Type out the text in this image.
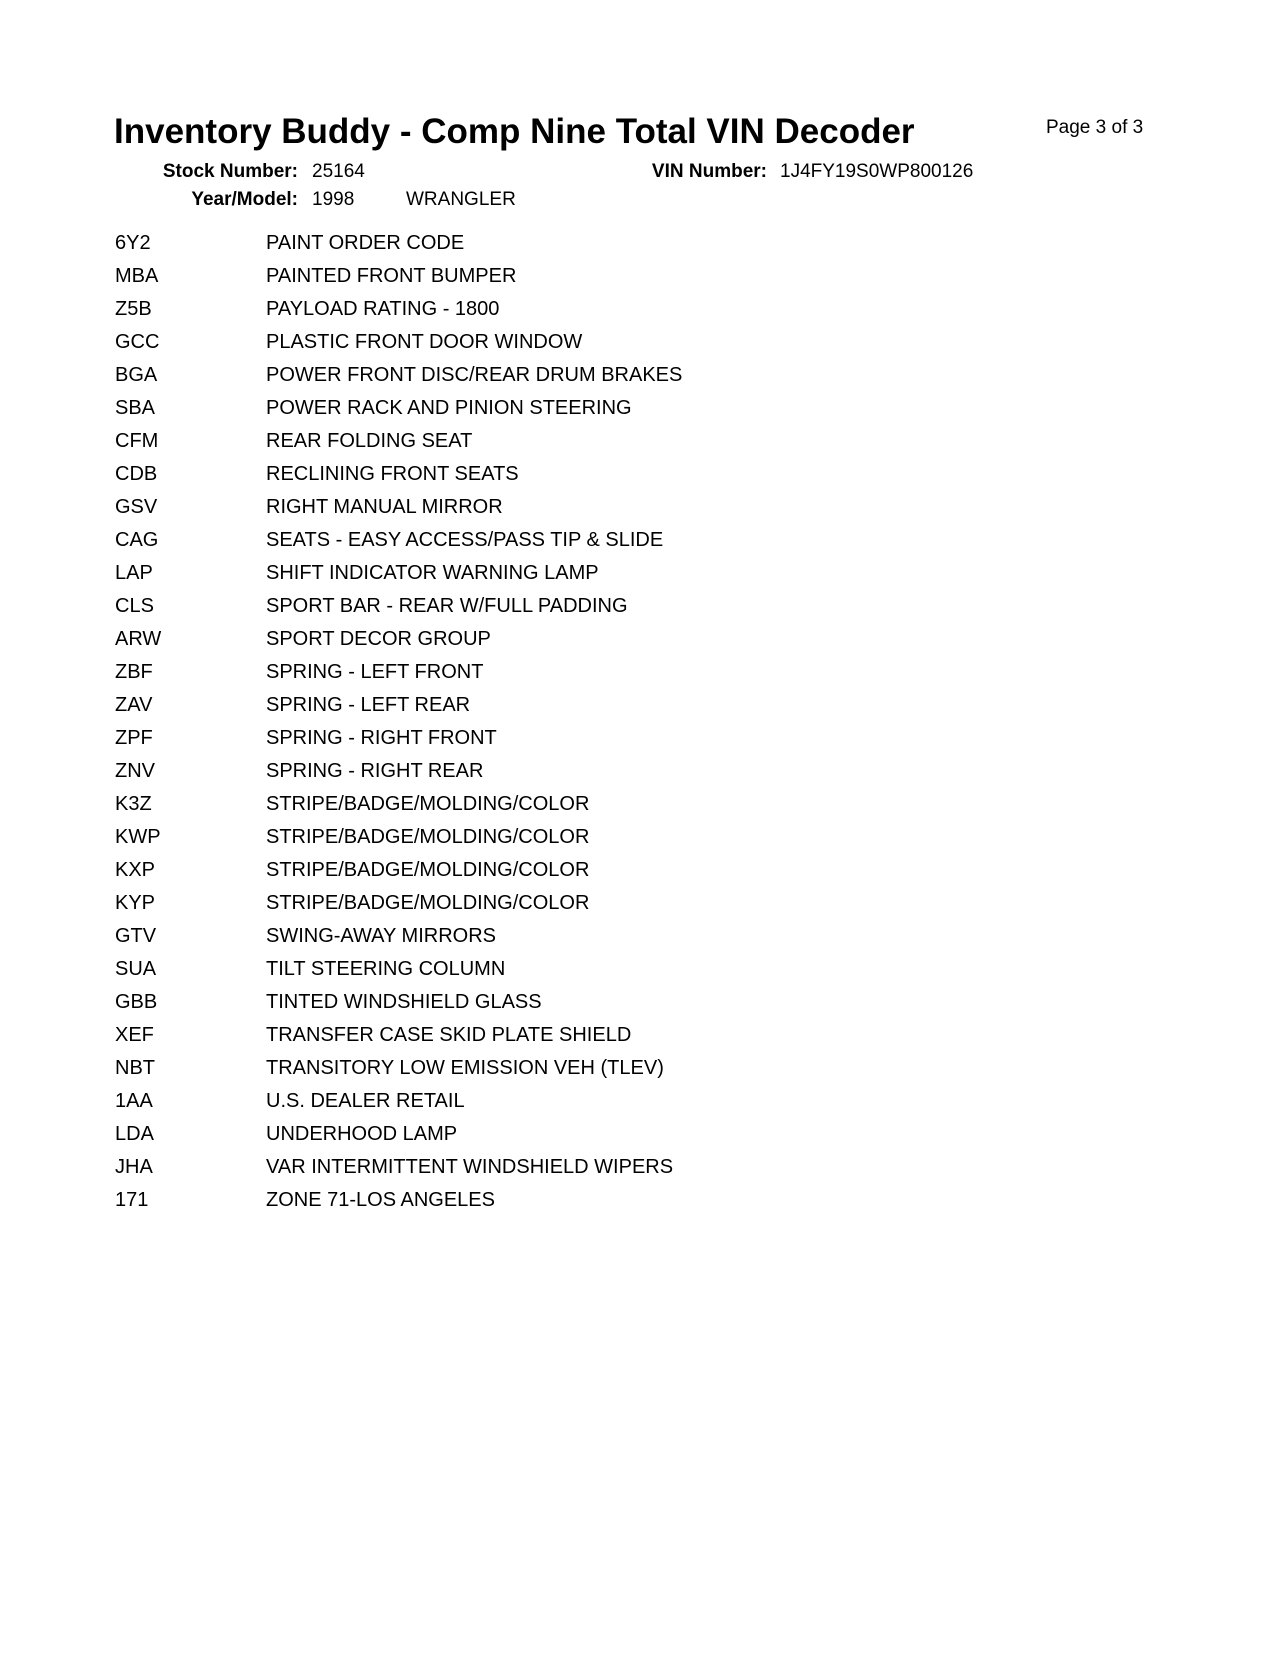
Inventory Buddy - Comp Nine Total VIN Decoder	Page 3 of 3
Stock Number: 25164	VIN Number: 1J4FY19S0WP800126
Year/Model: 1998	WRANGLER
6Y2	PAINT ORDER CODE
MBA	PAINTED FRONT BUMPER
Z5B	PAYLOAD RATING - 1800
GCC	PLASTIC FRONT DOOR WINDOW
BGA	POWER FRONT DISC/REAR DRUM BRAKES
SBA	POWER RACK AND PINION STEERING
CFM	REAR FOLDING SEAT
CDB	RECLINING FRONT SEATS
GSV	RIGHT MANUAL MIRROR
CAG	SEATS - EASY ACCESS/PASS TIP & SLIDE
LAP	SHIFT INDICATOR WARNING LAMP
CLS	SPORT BAR - REAR W/FULL PADDING
ARW	SPORT DECOR GROUP
ZBF	SPRING - LEFT FRONT
ZAV	SPRING - LEFT REAR
ZPF	SPRING - RIGHT FRONT
ZNV	SPRING - RIGHT REAR
K3Z	STRIPE/BADGE/MOLDING/COLOR
KWP	STRIPE/BADGE/MOLDING/COLOR
KXP	STRIPE/BADGE/MOLDING/COLOR
KYP	STRIPE/BADGE/MOLDING/COLOR
GTV	SWING-AWAY MIRRORS
SUA	TILT STEERING COLUMN
GBB	TINTED WINDSHIELD GLASS
XEF	TRANSFER CASE SKID PLATE SHIELD
NBT	TRANSITORY LOW EMISSION VEH (TLEV)
1AA	U.S. DEALER RETAIL
LDA	UNDERHOOD LAMP
JHA	VAR INTERMITTENT WINDSHIELD WIPERS
171	ZONE 71-LOS ANGELES
